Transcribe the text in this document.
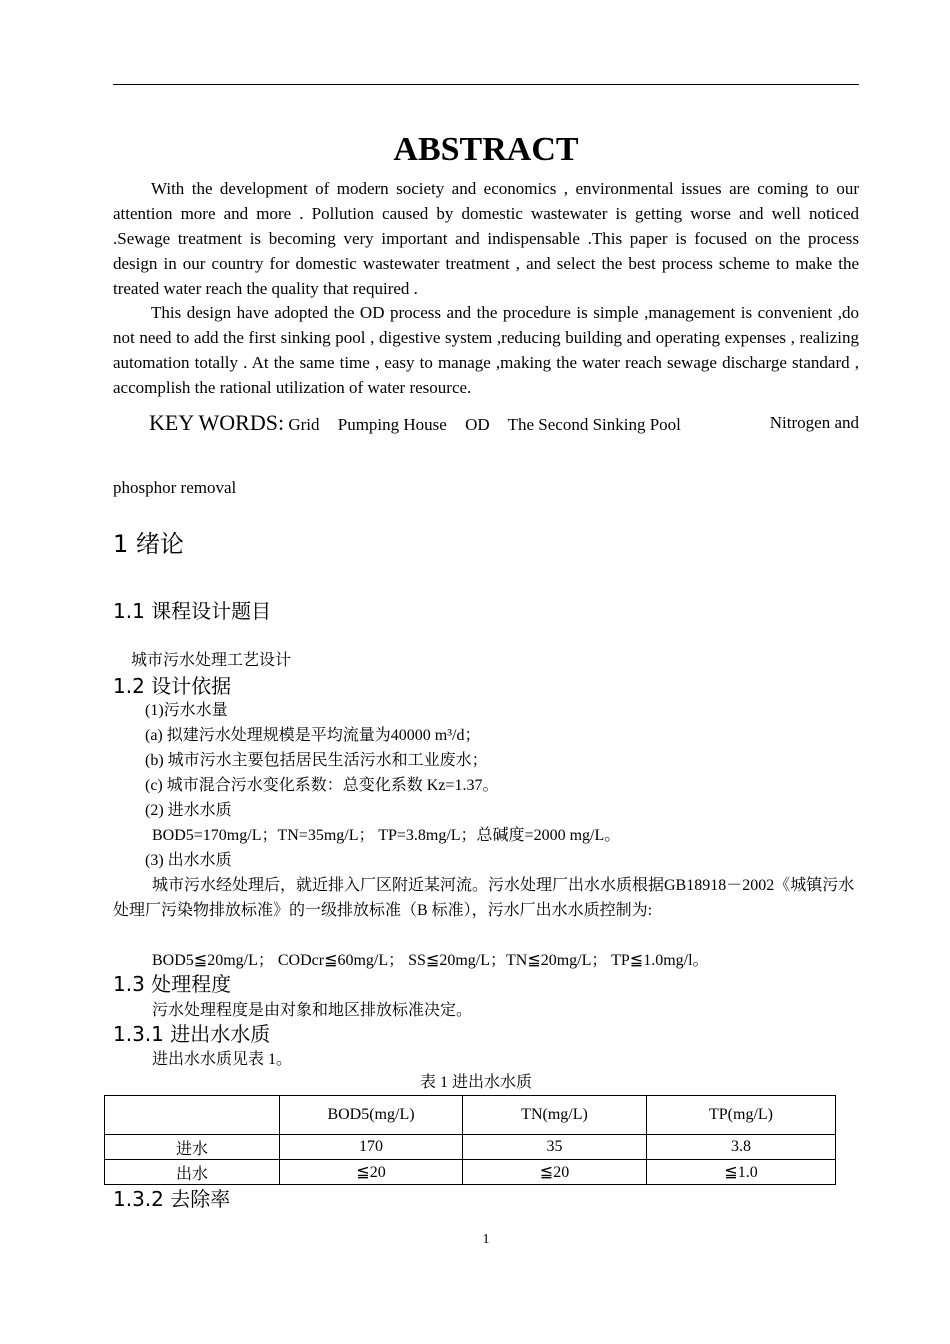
ABSTRACT
With the development of modern society and economics , environmental issues are coming to our attention more and more . Pollution caused by domestic wastewater is getting worse and well noticed .Sewage treatment is becoming very important and indispensable .This paper is focused on the process design in our country for domestic wastewater treatment , and select the best process scheme to make the treated water reach the quality that required .
This design have adopted the OD process and the procedure is simple ,management is convenient ,do not need to add the first sinking pool , digestive system ,reducing building and operating expenses , realizing automation totally . At the same time , easy to manage ,making the water reach sewage discharge standard , accomplish the rational utilization of water resource.
KEY WORDS: Grid Pumping House OD The Second Sinking Pool	Nitrogen and
phosphor removal
1 绪论
1.1 课程设计题目
城市污水处理工艺设计
1.2 设计依据
(1)污水水量
(a) 拟建污水处理规模是平均流量为40000 m³/d；
(b) 城市污水主要包括居民生活污水和工业废水；
(c) 城市混合污水变化系数：总变化系数 Kz=1.37。
(2) 进水水质
BOD5=170mg/L；TN=35mg/L； TP=3.8mg/L；总碱度=2000 mg/L。
(3) 出水水质
城市污水经处理后，就近排入厂区附近某河流。污水处理厂出水水质根据GB18918－2002《城镇污水处理厂污染物排放标准》的一级排放标准（B 标准），污水厂出水水质控制为:
BOD5≦20mg/L； CODcr≦60mg/L； SS≦20mg/L；TN≦20mg/L； TP≦1.0mg/l。
1.3 处理程度
污水处理程度是由对象和地区排放标准决定。
1.3.1 进出水水质
进出水水质见表 1。
表 1 进出水水质
	BOD5(mg/L)	TN(mg/L)	TP(mg/L)
进水	170	35	3.8
出水	≦20	≦20	≦1.0
1.3.2 去除率
1
